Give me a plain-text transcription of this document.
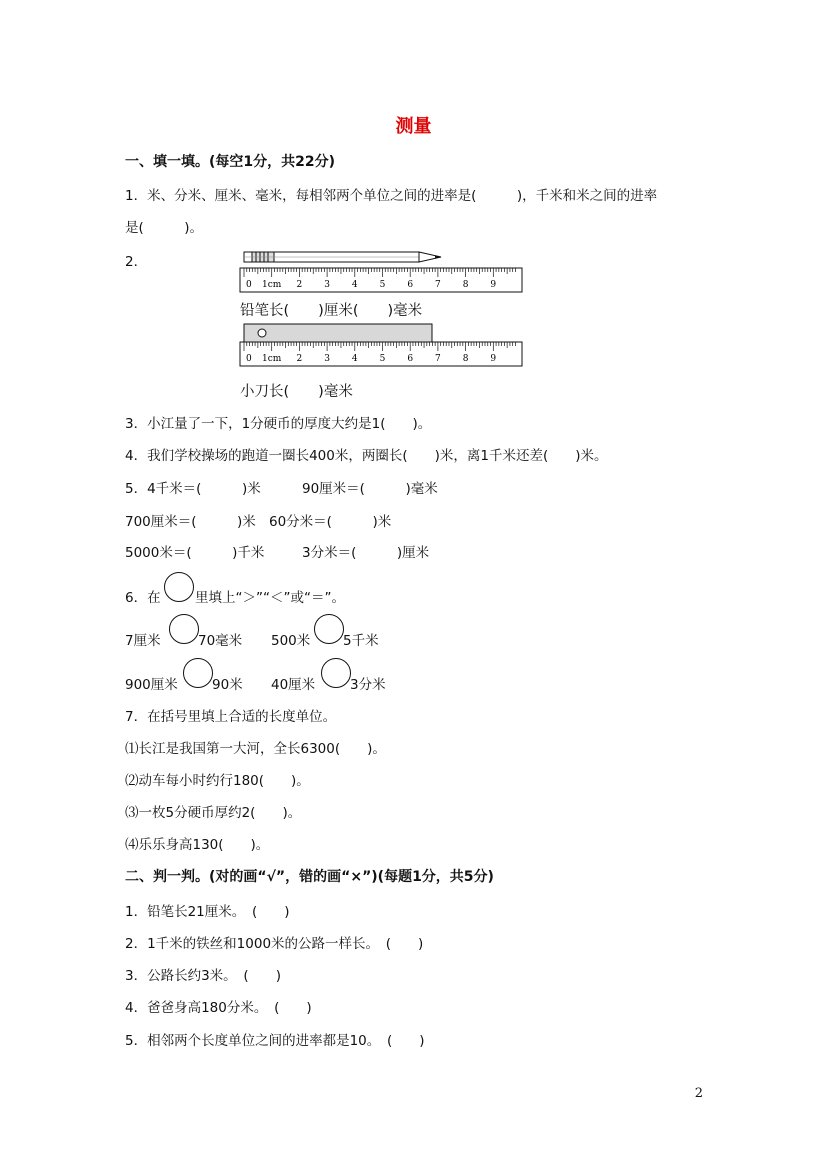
测量
一、填一填。(每空1分，共22分)
1．米、分米、厘米、毫米，每相邻两个单位之间的进率是(　　　)，千米和米之间的进率
是(　　　)。
2．
0 1cm 2 3 4 5 6 7 8 9
铅笔长(　　)厘米(　　)毫米
0 1cm 2 3 4 5 6 7 8 9
小刀长(　　)毫米
3．小江量了一下，1分硬币的厚度大约是1(　　)。
4．我们学校操场的跑道一圈长400米，两圈长(　　)米，离1千米还差(　　)米。
5．4千米＝(　　　)米	90厘米＝(　　　)毫米
700厘米＝(　　　)米 60分米＝(　　　)米
5000米＝(　　　)千米	3分米＝(　　　)厘米
6．在	里填上“＞”“＜”或“＝”。
7厘米	70毫米 500米 5千米
900厘米	90米 40厘米	3分米
7．在括号里填上合适的长度单位。
⑴长江是我国第一大河，全长6300(　　)。
⑵动车每小时约行180(　　)。
⑶一枚5分硬币厚约2(　　)。
⑷乐乐身高130(　　)。
二、判一判。(对的画“√”，错的画“×”)(每题1分，共5分)
1．铅笔长21厘米。　(　　)
2．1千米的铁丝和1000米的公路一样长。　(　　)
3．公路长约3米。　(　　)
4．爸爸身高180分米。　(　　)
5．相邻两个长度单位之间的进率都是10。　(　　)
2
